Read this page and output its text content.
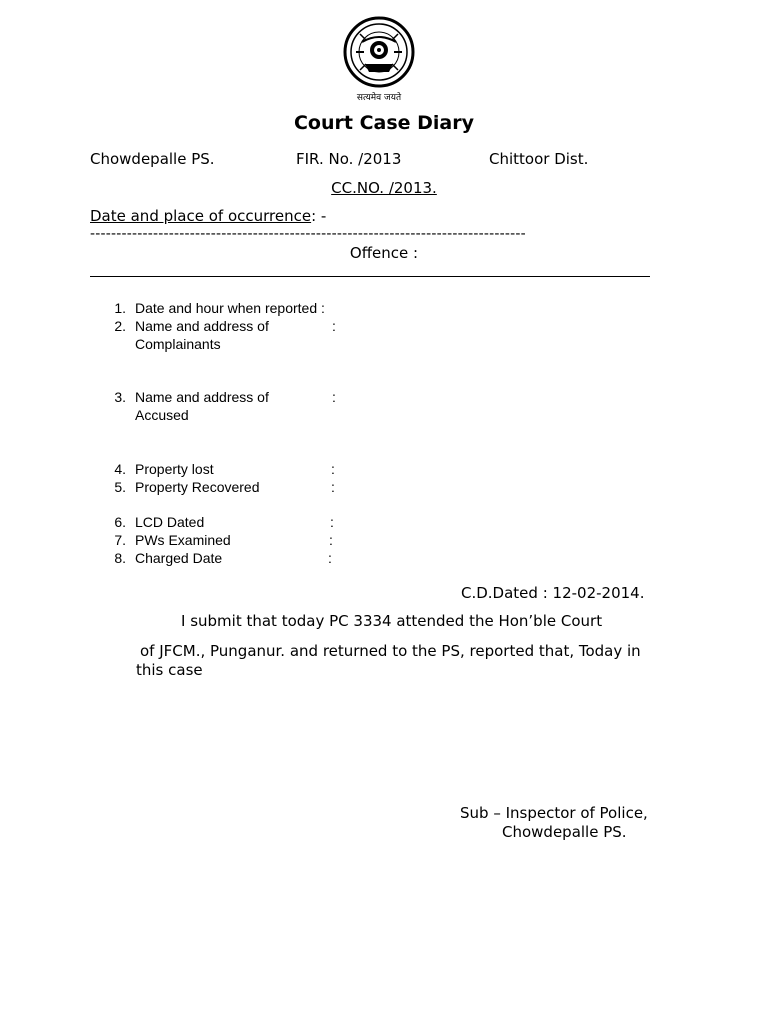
सत्यमेव जयते
Court Case Diary
Chowdepalle PS.	FIR. No. /2013	Chittoor Dist.
CC.NO. /2013.
Date and place of occurrence: -
-----------------------------------------------------------------------------------
Offence :
1. Date and hour when reported :
2. Name and address of
Complainants
:
3. Name and address of
Accused
:
4. Property lost	:
5. Property Recovered	:
6. LCD Dated	:
7. PWs Examined	:
8. Charged Date	:
C.D.Dated : 12-02-2014.
I submit that today PC 3334 attended the Hon’ble Court
of JFCM., Punganur. and returned to the PS, reported that, Today in
this case
Sub – Inspector of Police,
Chowdepalle PS.
